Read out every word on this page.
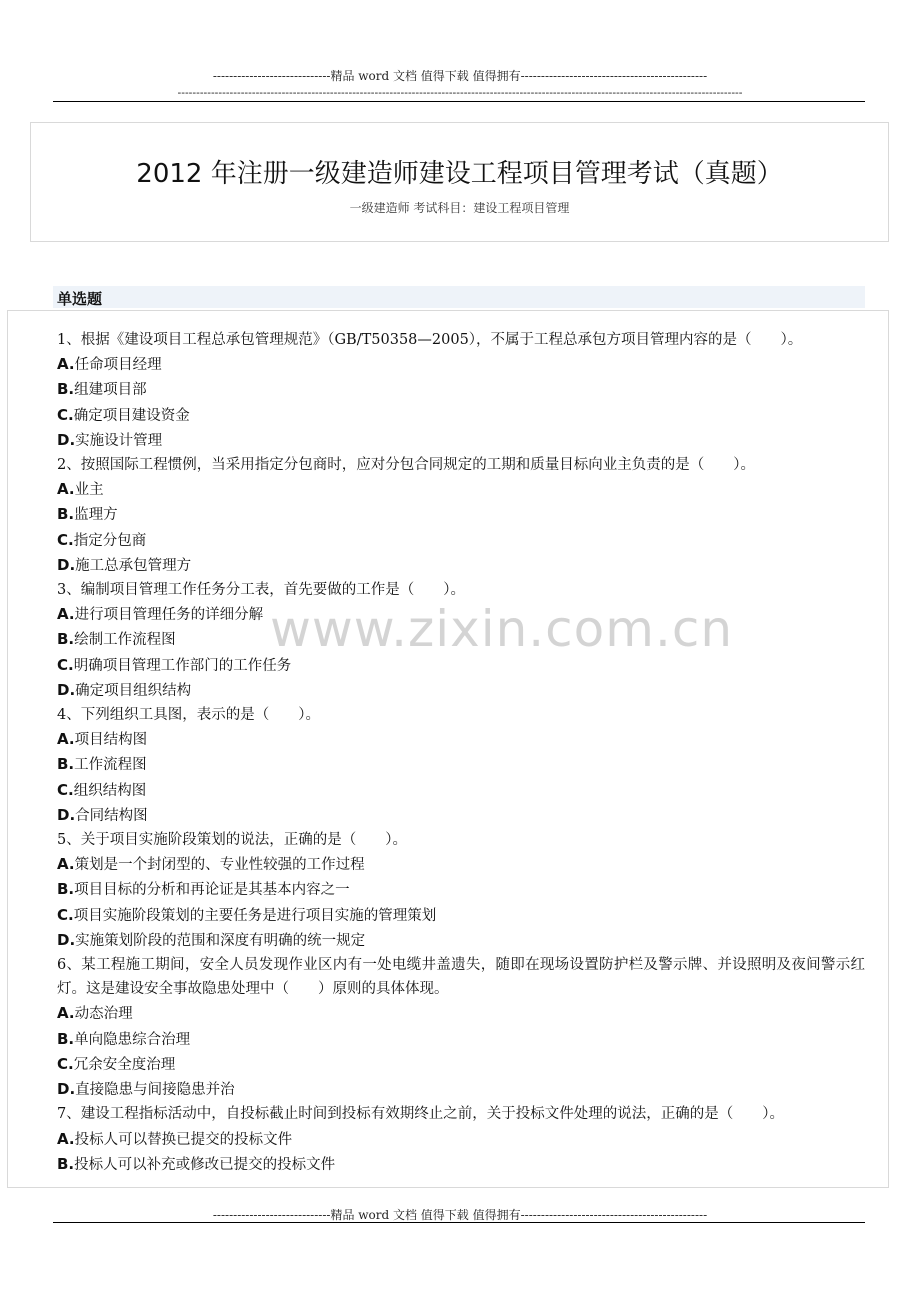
-----------------------------精品 word 文档 值得下载 值得拥有----------------------------------------------
--------------------------------------------------------------------------------------------------------------------------------------------------------
2012 年注册一级建造师建设工程项目管理考试（真题）
一级建造师 考试科目：建设工程项目管理
单选题
www.zixin.com.cn
1、根据《建设项目工程总承包管理规范》（GB/T50358—2005），不属于工程总承包方项目管理内容的是（　　）。
A.任命项目经理
B.组建项目部
C.确定项目建设资金
D.实施设计管理
2、按照国际工程惯例，当采用指定分包商时，应对分包合同规定的工期和质量目标向业主负责的是（　　）。
A.业主
B.监理方
C.指定分包商
D.施工总承包管理方
3、编制项目管理工作任务分工表，首先要做的工作是（　　）。
A.进行项目管理任务的详细分解
B.绘制工作流程图
C.明确项目管理工作部门的工作任务
D.确定项目组织结构
4、下列组织工具图，表示的是（　　）。
A.项目结构图
B.工作流程图
C.组织结构图
D.合同结构图
5、关于项目实施阶段策划的说法，正确的是（　　）。
A.策划是一个封闭型的、专业性较强的工作过程
B.项目目标的分析和再论证是其基本内容之一
C.项目实施阶段策划的主要任务是进行项目实施的管理策划
D.实施策划阶段的范围和深度有明确的统一规定
6、某工程施工期间，安全人员发现作业区内有一处电缆井盖遗失，随即在现场设置防护栏及警示牌、并设照明及夜间警示红灯。这是建设安全事故隐患处理中（　　）原则的具体体现。
A.动态治理
B.单向隐患综合治理
C.冗余安全度治理
D.直接隐患与间接隐患并治
7、建设工程指标活动中，自投标截止时间到投标有效期终止之前，关于投标文件处理的说法，正确的是（　　）。
A.投标人可以替换已提交的投标文件
B.投标人可以补充或修改已提交的投标文件
-----------------------------精品 word 文档 值得下载 值得拥有----------------------------------------------
